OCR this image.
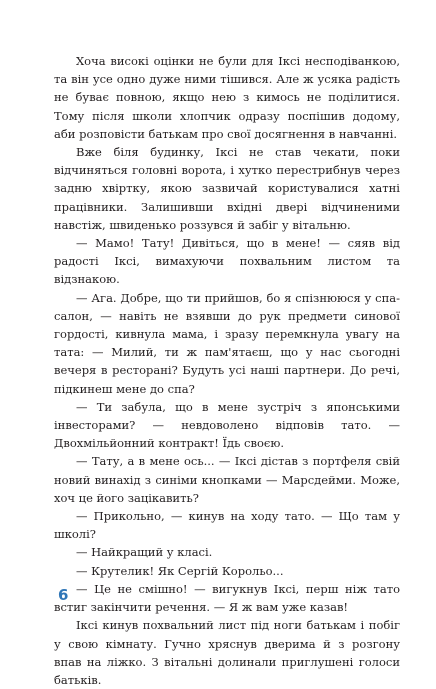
Хоча високі оцінки не були для Іксі несподіванкою, та він усе одно дуже ними тішився. Але ж усяка радість не буває повною, якщо нею з кимось не поділитися. Тому після школи хлопчик одразу поспішив додому, аби розповісти батькам про свої досягнення в навчанні.

Вже біля будинку, Іксі не став чекати, поки відчиняться головні ворота, і хутко перестрибнув через задню хвіртку, якою зазвичай користувалися хатні працівники. Залишивши вхідні двері відчиненими навстіж, швиденько роззувся й забіг у вітальню.

— Мамо! Тату! Дивіться, що в мене! — сяяв від радості Іксі, вимахуючи похвальним листом та відзнакою.

— Ага. Добре, що ти прийшов, бо я спізнююся у спа-салон, — навіть не взявши до рук предмети синової гордості, кивнула мама, і зразу перемкнула увагу на тата: — Милий, ти ж пам'ятаєш, що у нас сьогодні вечеря в ресторані? Будуть усі наші партнери. До речі, підкинеш мене до спа?

— Ти забула, що в мене зустріч з японськими інвесторами? — невдоволено відповів тато. — Двохмільйонний контракт! Їдь своєю.

— Тату, а в мене ось... — Іксі дістав з портфеля свій новий винахід з синіми кнопками — Марсдейми. Може, хоч це його зацікавить?

— Прикольно, — кинув на ходу тато. — Що там у школі?

— Найкращий у класі.

— Крутелик! Як Сергій Корольо...

— Це не смішно! — вигукнув Іксі, перш ніж тато встиг закінчити речення. — Я ж вам уже казав!

Іксі кинув похвальний лист під ноги батькам і побіг у свою кімнату. Гучно хряснув дверима й з розгону впав на ліжко. З вітальні долинали приглушені голоси батьків.

6
